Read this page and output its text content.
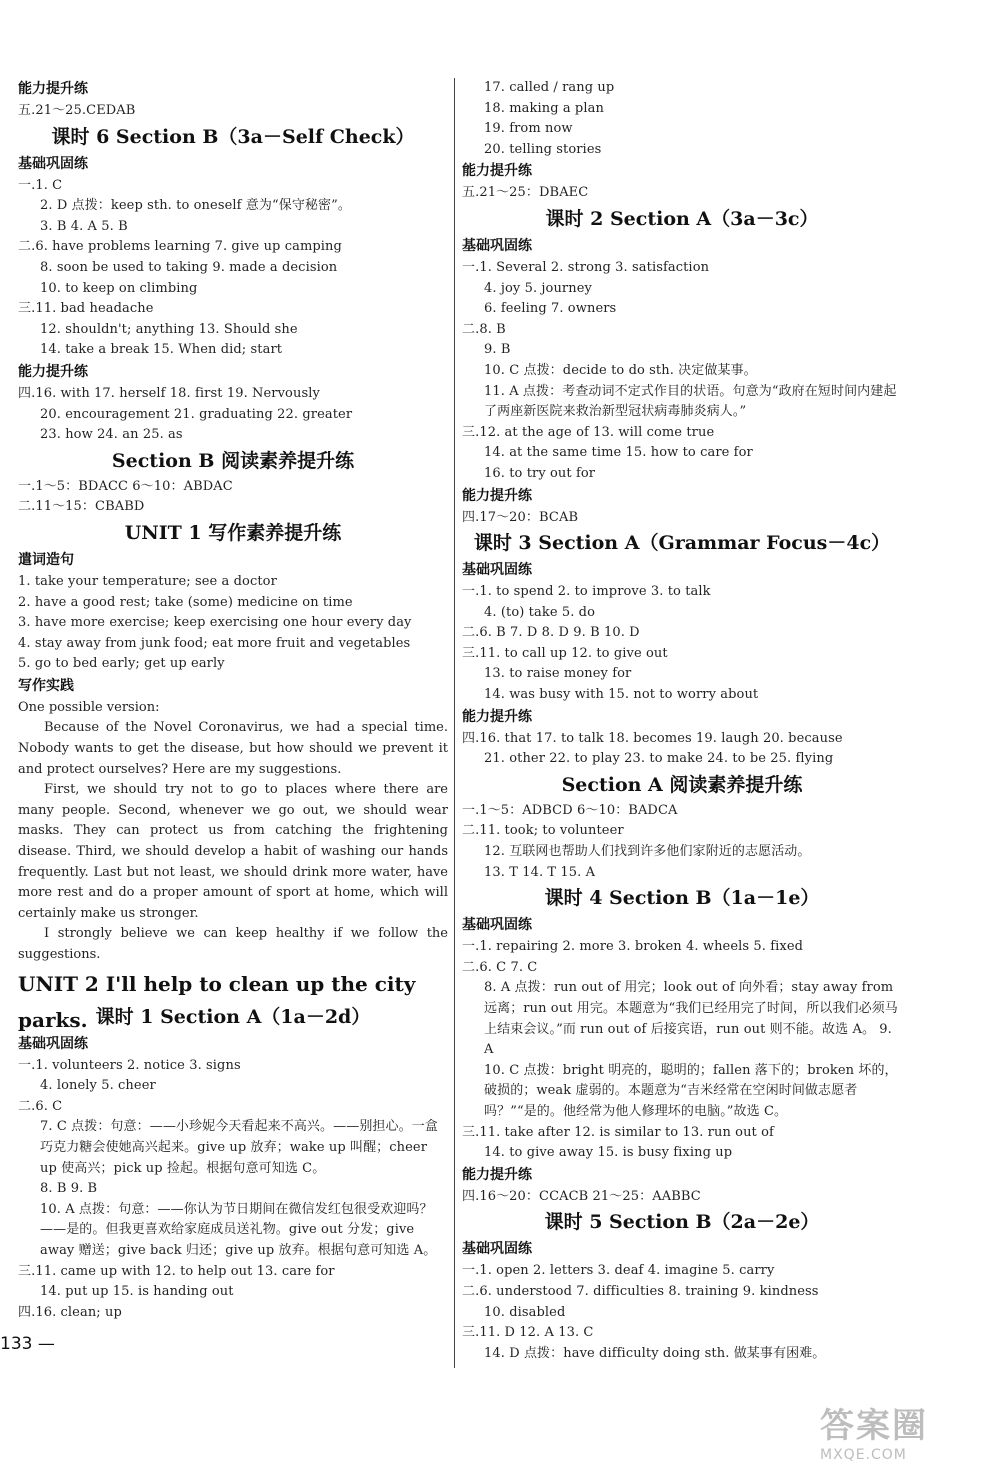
能力提升练
五.21～25.CEDAB
课时 6 Section B（3a－Self Check）
基础巩固练
一.1. C
2. D 点拨：keep sth. to oneself 意为“保守秘密”。
3. B 4. A 5. B
二.6. have problems learning 7. give up camping
8. soon be used to taking 9. made a decision
10. to keep on climbing
三.11. bad headache
12. shouldn't; anything 13. Should she
14. take a break 15. When did; start
能力提升练
四.16. with 17. herself 18. first 19. Nervously
20. encouragement 21. graduating 22. greater
23. how 24. an 25. as
Section B 阅读素养提升练
一.1～5：BDACC 6～10：ABDAC
二.11～15：CBABD
UNIT 1 写作素养提升练
遣词造句
1. take your temperature; see a doctor
2. have a good rest; take (some) medicine on time
3. have more exercise; keep exercising one hour every day
4. stay away from junk food; eat more fruit and vegetables
5. go to bed early; get up early
写作实践
One possible version:
Because of the Novel Coronavirus, we had a special time. Nobody wants to get the disease, but how should we prevent it and protect ourselves? Here are my suggestions.
First, we should try not to go to places where there are many people. Second, whenever we go out, we should wear masks. They can protect us from catching the frightening disease. Third, we should develop a habit of washing our hands frequently. Last but not least, we should drink more water, have more rest and do a proper amount of sport at home, which will certainly make us stronger.
I strongly believe we can keep healthy if we follow the suggestions.
UNIT 2 I'll help to clean up the city parks. 课时 1 Section A（1a－2d）
基础巩固练
一.1. volunteers 2. notice 3. signs
4. lonely 5. cheer
二.6. C
7. C 点拨：句意：——小珍妮今天看起来不高兴。——别担心。一盒巧克力糖会使她高兴起来。give up 放弃；wake up 叫醒；cheer up 使高兴；pick up 捡起。根据句意可知选 C。
8. B 9. B
10. A 点拨：句意：——你认为节日期间在微信发红包很受欢迎吗？——是的。但我更喜欢给家庭成员送礼物。give out 分发；give away 赠送；give back 归还；give up 放弃。根据句意可知选 A。
三.11. came up with 12. to help out 13. care for
14. put up 15. is handing out
四.16. clean; up
17. called / rang up
18. making a plan
19. from now
20. telling stories
能力提升练
五.21～25：DBAEC
课时 2 Section A（3a－3c）
基础巩固练
一.1. Several 2. strong 3. satisfaction
4. joy 5. journey
6. feeling 7. owners
二.8. B
9. B
10. C 点拨：decide to do sth. 决定做某事。
11. A 点拨：考查动词不定式作目的状语。句意为“政府在短时间内建起了两座新医院来救治新型冠状病毒肺炎病人。”
三.12. at the age of 13. will come true
14. at the same time 15. how to care for
16. to try out for
能力提升练
四.17～20：BCAB
课时 3 Section A（Grammar Focus－4c）
基础巩固练
一.1. to spend 2. to improve 3. to talk
4. (to) take 5. do
二.6. B 7. D 8. D 9. B 10. D
三.11. to call up 12. to give out
13. to raise money for
14. was busy with 15. not to worry about
能力提升练
四.16. that 17. to talk 18. becomes 19. laugh 20. because
21. other 22. to play 23. to make 24. to be 25. flying
Section A 阅读素养提升练
一.1～5：ADBCD 6～10：BADCA
二.11. took; to volunteer
12. 互联网也帮助人们找到许多他们家附近的志愿活动。
13. T 14. T 15. A
课时 4 Section B（1a－1e）
基础巩固练
一.1. repairing 2. more 3. broken 4. wheels 5. fixed
二.6. C 7. C
8. A 点拨：run out of 用完；look out of 向外看；stay away from 远离；run out 用完。本题意为“我们已经用完了时间，所以我们必须马上结束会议。”而 run out of 后接宾语，run out 则不能。故选 A。 9. A
10. C 点拨：bright 明亮的，聪明的；fallen 落下的；broken 坏的，破损的；weak 虚弱的。本题意为“吉米经常在空闲时间做志愿者吗？”“是的。他经常为他人修理坏的电脑。”故选 C。
三.11. take after 12. is similar to 13. run out of
14. to give away 15. is busy fixing up
能力提升练
四.16～20：CCACB 21～25：AABBC
课时 5 Section B（2a－2e）
基础巩固练
一.1. open 2. letters 3. deaf 4. imagine 5. carry
二.6. understood 7. difficulties 8. training 9. kindness
10. disabled
三.11. D 12. A 13. C
14. D 点拨：have difficulty doing sth. 做某事有困难。
133 —
答案圈
MXQE.COM
